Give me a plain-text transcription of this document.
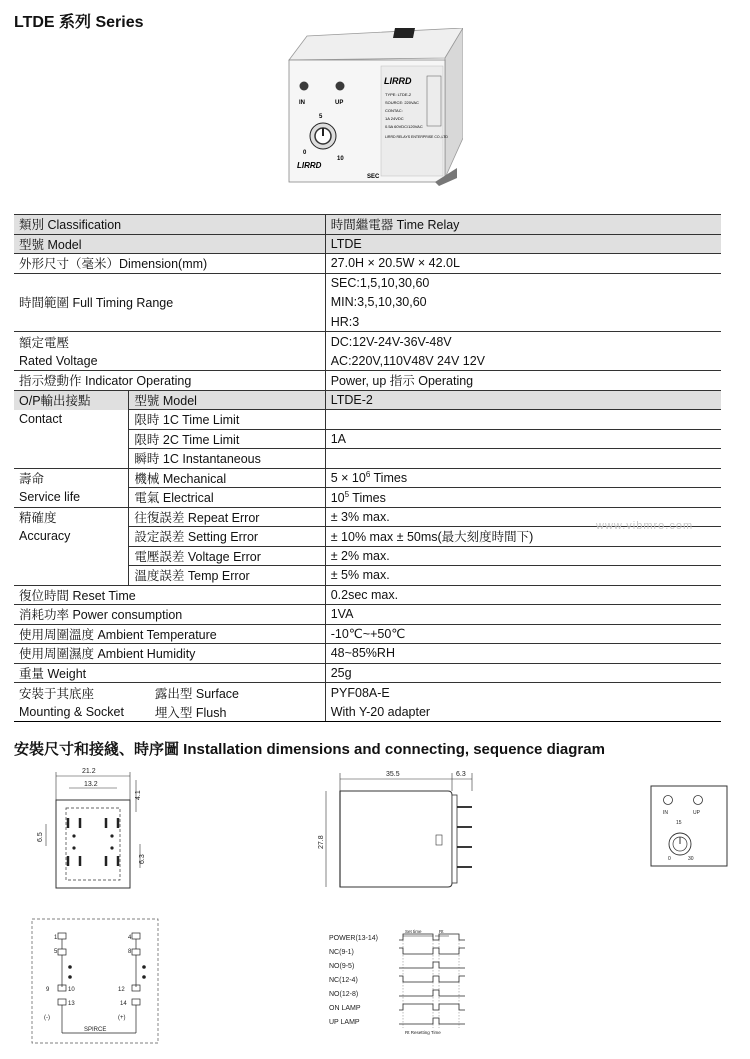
LTDE 系列 Series
IN	UP
5
0
10
LIRRD
SEC
LIRRD
TYPE: LTDE-2
SOURCE: 220VAC
CONTAC:
1A 24VDC
0.5A 60VDC/120VAC
LIRRD RELAYS ENTERPRISE CO.,LTD
類別 Classification		時間繼電器 Time Relay
型號 Model		LTDE
外形尺寸（毫米）Dimension(mm)		27.0H × 20.5W × 42.0L
時間範圍 Full Timing Range		SEC:1,5,10,30,60
		MIN:3,5,10,30,60
		HR:3
額定電壓		DC:12V-24V-36V-48V
Rated Voltage		AC:220V,110V48V 24V 12V
指示燈動作 Indicator Operating		Power, up 指示 Operating
O/P輸出接點	型號 Model	LTDE-2
Contact	限時 1C Time Limit	
	限時 2C Time Limit	1A
	瞬時 1C Instantaneous	
壽命	機械 Mechanical	$5 \times 10^6$ Times
Service life	電氣 Electrical	$10^5$ Times
精確度	往復誤差 Repeat Error	± 3% max.
Accuracy	設定誤差 Setting Error	± 10% max ± 50ms(最大刻度時間下)
	電壓誤差 Voltage Error	± 2% max.
	溫度誤差 Temp Error	± 5% max.
復位時間 Reset Time		0.2sec max.
消耗功率 Power consumption		1VA
使用周圍溫度 Ambient Temperature		-10℃~+50℃
使用周圍濕度 Ambient Humidity		48~85%RH
重量 Weight		25g
安裝于其底座	露出型 Surface	PYF08A-E
Mounting & Socket	埋入型 Flush	With Y-20 adapter
www.vibmro.com
安裝尺寸和接綫、時序圖 Installation dimensions and connecting, sequence diagram
21.2
13.2
4.1
6.3
6.5
35.5	6.3
27.8
IN	UP
15
0	30
1	4
5	8
9	10	12
13	14
(-)	(+)
SPIRCE
Set time	Rt
POWER(13-14)
NC(9-1)
NO(9-5)
NC(12-4)
NO(12-8)
ON LAMP
UP LAMP
Rt Resetting Time
